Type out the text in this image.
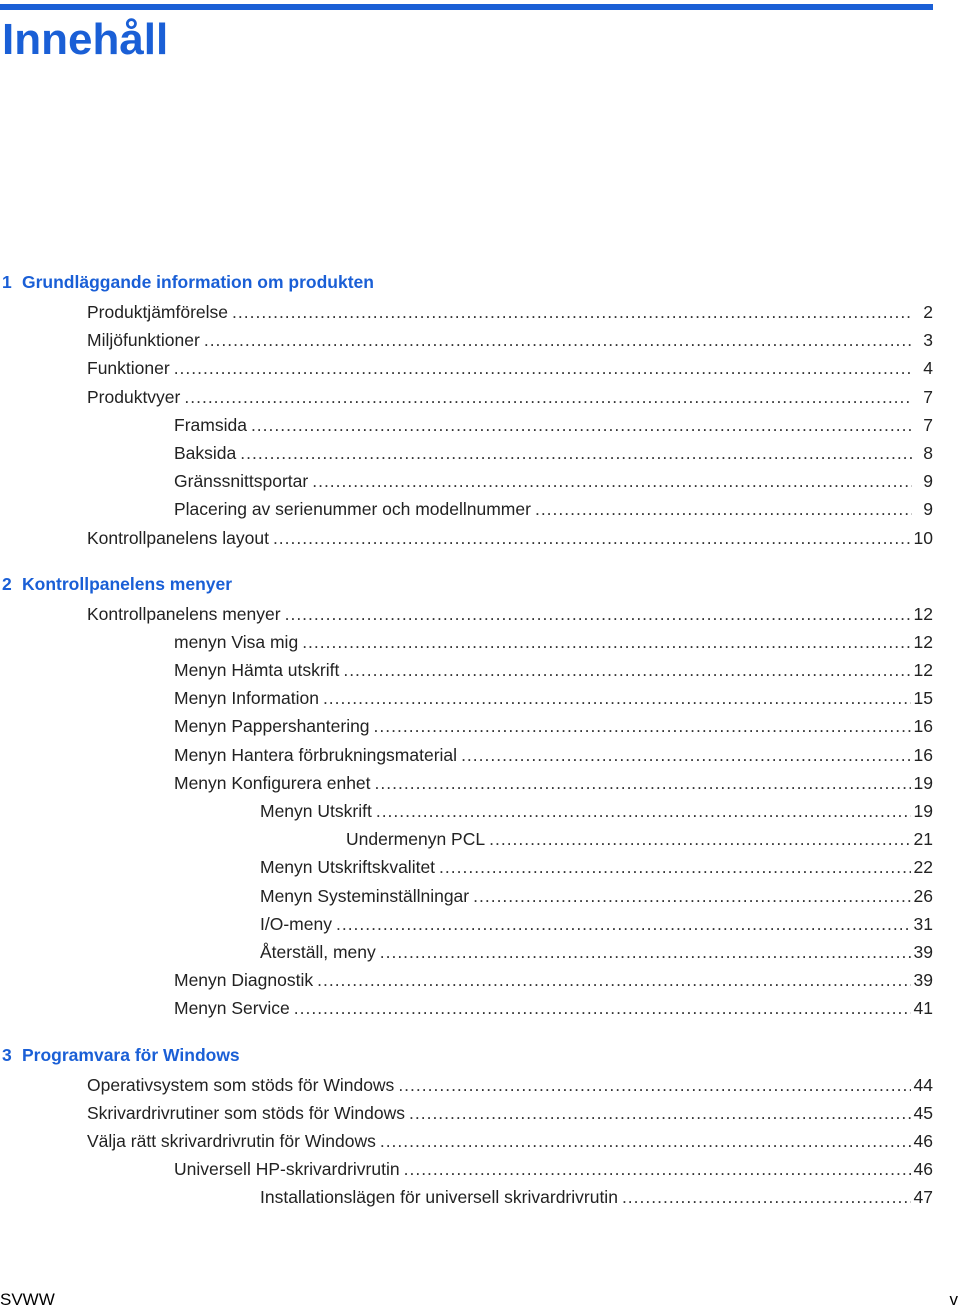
Innehåll
1 Grundläggande information om produkten
Produktjämförelse .....	2
Miljöfunktioner .....	3
Funktioner .....	4
Produktvyer .....	7
Framsida .....	7
Baksida .....	8
Gränssnittsportar .....	9
Placering av serienummer och modellnummer .....	9
Kontrollpanelens layout .....	10
2 Kontrollpanelens menyer
Kontrollpanelens menyer .....	12
menyn Visa mig .....	12
Menyn Hämta utskrift .....	12
Menyn Information .....	15
Menyn Pappershantering .....	16
Menyn Hantera förbrukningsmaterial .....	16
Menyn Konfigurera enhet .....	19
Menyn Utskrift .....	19
Undermenyn PCL .....	21
Menyn Utskriftskvalitet .....	22
Menyn Systeminställningar .....	26
I/O-meny .....	31
Återställ, meny .....	39
Menyn Diagnostik .....	39
Menyn Service .....	41
3 Programvara för Windows
Operativsystem som stöds för Windows .....	44
Skrivardrivrutiner som stöds för Windows .....	45
Välja rätt skrivardrivrutin för Windows .....	46
Universell HP-skrivardrivrutin .....	46
Installationslägen för universell skrivardrivrutin .....	47
SVWW	v
